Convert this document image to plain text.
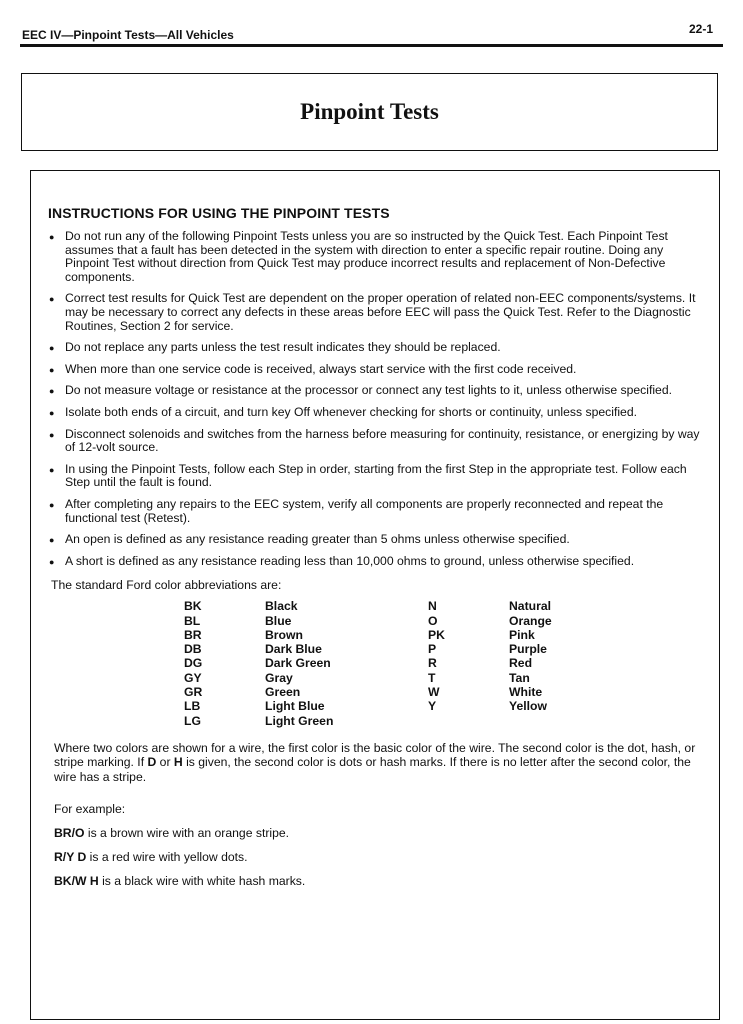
EEC IV—Pinpoint Tests—All Vehicles	22-1
Pinpoint Tests
INSTRUCTIONS FOR USING THE PINPOINT TESTS
● Do not run any of the following Pinpoint Tests unless you are so instructed by the Quick Test. Each Pinpoint Test assumes that a fault has been detected in the system with direction to enter a specific repair routine. Doing any Pinpoint Test without direction from Quick Test may produce incorrect results and replacement of Non-Defective components.
● Correct test results for Quick Test are dependent on the proper operation of related non-EEC components/systems. It may be necessary to correct any defects in these areas before EEC will pass the Quick Test. Refer to the Diagnostic Routines, Section 2 for service.
● Do not replace any parts unless the test result indicates they should be replaced.
● When more than one service code is received, always start service with the first code received.
● Do not measure voltage or resistance at the processor or connect any test lights to it, unless otherwise specified.
● Isolate both ends of a circuit, and turn key Off whenever checking for shorts or continuity, unless specified.
● Disconnect solenoids and switches from the harness before measuring for continuity, resistance, or energizing by way of 12-volt source.
● In using the Pinpoint Tests, follow each Step in order, starting from the first Step in the appropriate test. Follow each Step until the fault is found.
● After completing any repairs to the EEC system, verify all components are properly reconnected and repeat the functional test (Retest).
● An open is defined as any resistance reading greater than 5 ohms unless otherwise specified.
● A short is defined as any resistance reading less than 10,000 ohms to ground, unless otherwise specified.

The standard Ford color abbreviations are:

BK
BL
BR
DB
DG
GY
GR
LB
LG
Black
Blue
Brown
Dark Blue
Dark Green
Gray
Green
Light Blue
Light Green
N
O
PK
P
R
T
W
Y
Natural
Orange
Pink
Purple
Red
Tan
White
Yellow

Where two colors are shown for a wire, the first color is the basic color of the wire. The second color is the dot, hash, or stripe marking. If D or H is given, the second color is dots or hash marks. If there is no letter after the second color, the wire has a stripe.

For example:

BR/O is a brown wire with an orange stripe.

R/Y D is a red wire with yellow dots.

BK/W H is a black wire with white hash marks.
